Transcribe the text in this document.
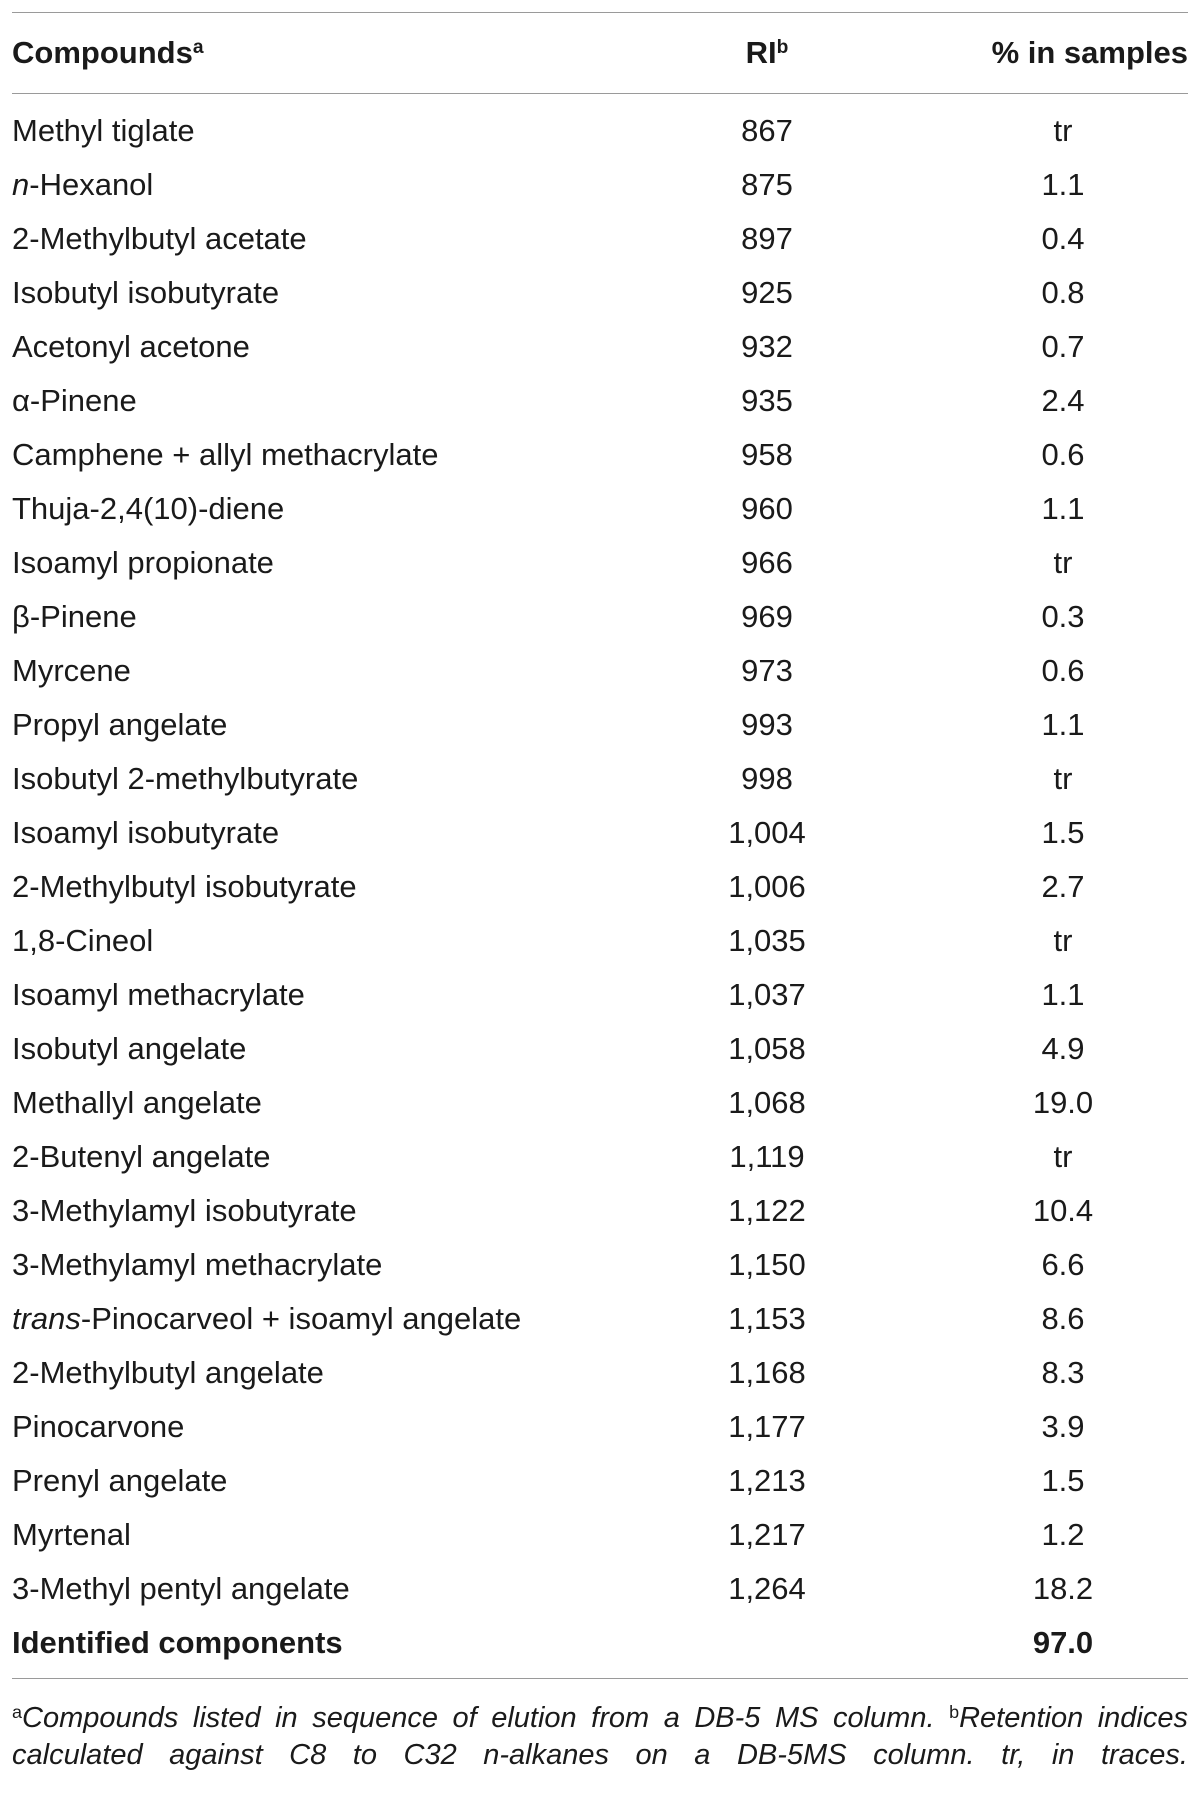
Compounds$^a$	$RI^b$	% in samples
Methyl tiglate	867	tr
n-Hexanol	875	1.1
2-Methylbutyl acetate	897	0.4
Isobutyl isobutyrate	925	0.8
Acetonyl acetone	932	0.7
α-Pinene	935	2.4
Camphene + allyl methacrylate	958	0.6
Thuja-2,4(10)-diene	960	1.1
Isoamyl propionate	966	tr
β-Pinene	969	0.3
Myrcene	973	0.6
Propyl angelate	993	1.1
Isobutyl 2-methylbutyrate	998	tr
Isoamyl isobutyrate	1,004	1.5
2-Methylbutyl isobutyrate	1,006	2.7
1,8-Cineol	1,035	tr
Isoamyl methacrylate	1,037	1.1
Isobutyl angelate	1,058	4.9
Methallyl angelate	1,068	19.0
2-Butenyl angelate	1,119	tr
3-Methylamyl isobutyrate	1,122	10.4
3-Methylamyl methacrylate	1,150	6.6
trans-Pinocarveol + isoamyl angelate	1,153	8.6
2-Methylbutyl angelate	1,168	8.3
Pinocarvone	1,177	3.9
Prenyl angelate	1,213	1.5
Myrtenal	1,217	1.2
3-Methyl pentyl angelate	1,264	18.2
Identified components		97.0
$^a$Compounds listed in sequence of elution from a DB-5 MS column. $^b$Retention indices calculated against C8 to C32 n-alkanes on a DB-5MS column. tr, in traces.
